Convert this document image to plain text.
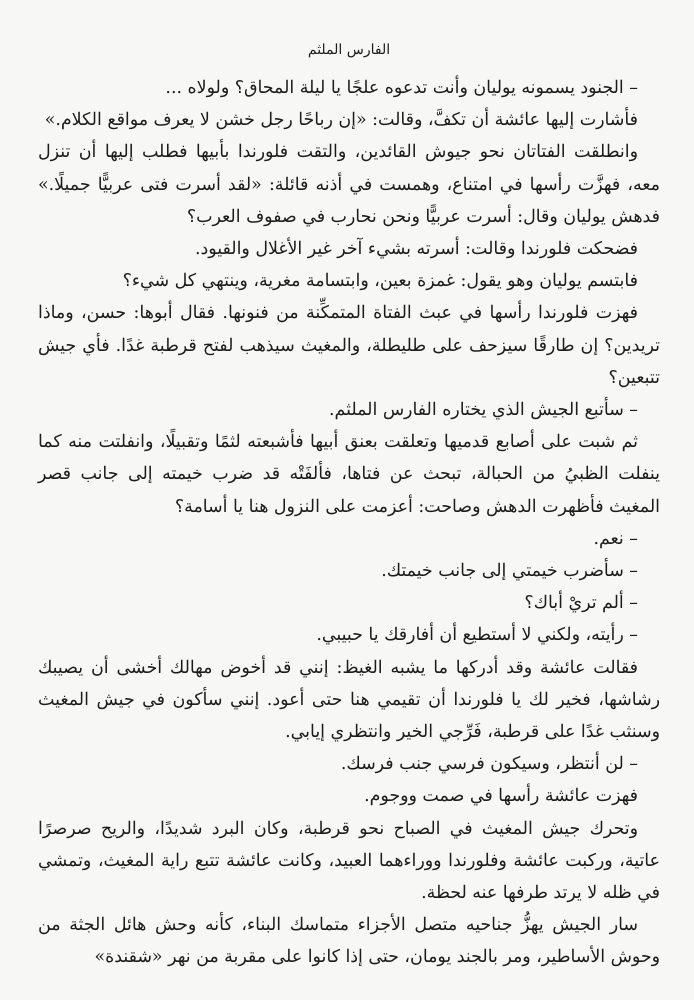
الفارس الملثم

– الجنود يسمونه يوليان وأنت تدعوه علجًا يا ليلة المحاق؟ ولولاه ...

فأشارت إليها عائشة أن تكفَّ، وقالت: «إن رباحًا رجل خشن لا يعرف مواقع الكلام.»

وانطلقت الفتاتان نحو جيوش القائدين، والتقت فلورندا بأبيها فطلب إليها أن تنزل معه، فهزَّت رأسها في امتناع، وهمست في أذنه قائلة: «لقد أسرت فتى عربيًّا جميلًا.» فدهش يوليان وقال: أسرت عربيًّا ونحن نحارب في صفوف العرب؟

فضحكت فلورندا وقالت: أسرته بشيء آخر غير الأغلال والقيود.

فابتسم يوليان وهو يقول: غمزة بعين، وابتسامة مغرية، وينتهي كل شيء؟

فهزت فلورندا رأسها في عبث الفتاة المتمكِّنة من فنونها. فقال أبوها: حسن، وماذا تريدين؟ إن طارقًا سيزحف على طليطلة، والمغيث سيذهب لفتح قرطبة غدًا. فأي جيش تتبعين؟

– سأتبع الجيش الذي يختاره الفارس الملثم.

ثم شبت على أصابع قدميها وتعلقت بعنق أبيها فأشبعته لثمًا وتقبيلًا، وانفلتت منه كما ينفلت الظبيُ من الحبالة، تبحث عن فتاها، فألفَتْه قد ضرب خيمته إلى جانب قصر المغيث فأظهرت الدهش وصاحت: أعزمت على النزول هنا يا أسامة؟

– نعم.

– سأضرب خيمتي إلى جانب خيمتك.

– ألم تريْ أباك؟

– رأيته، ولكني لا أستطيع أن أفارقك يا حبيبي.

فقالت عائشة وقد أدركها ما يشبه الغيظ: إنني قد أخوض مهالك أخشى أن يصيبك رشاشها، فخير لك يا فلورندا أن تقيمي هنا حتى أعود. إنني سأكون في جيش المغيث وسنثب غدًا على قرطبة، فَرِّجي الخير وانتظري إيابي.

– لن أنتظر، وسيكون فرسي جنب فرسك.

فهزت عائشة رأسها في صمت ووجوم.

وتحرك جيش المغيث في الصباح نحو قرطبة، وكان البرد شديدًا، والريح صرصرًا عاتية، وركبت عائشة وفلورندا ووراءهما العبيد، وكانت عائشة تتبع راية المغيث، وتمشي في ظله لا يرتد طرفها عنه لحظة.

سار الجيش يهزُّ جناحيه متصل الأجزاء متماسك البناء، كأنه وحش هائل الجثة من وحوش الأساطير، ومر بالجند يومان، حتى إذا كانوا على مقربة من نهر «شقندة»
